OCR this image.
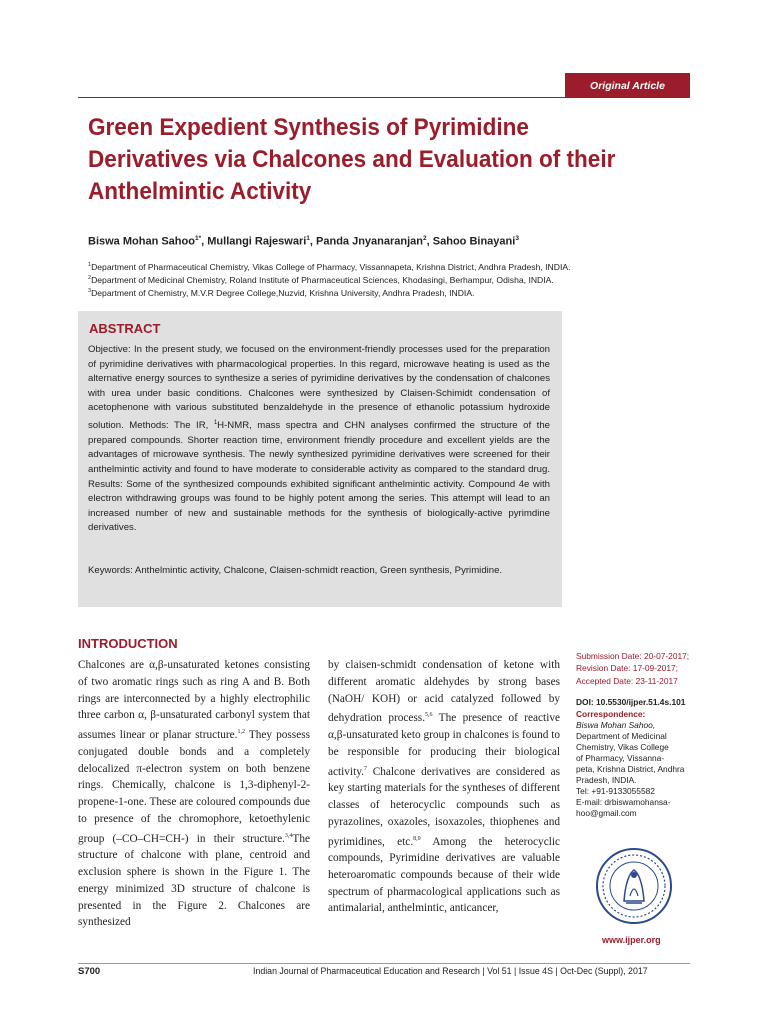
Original Article
Green Expedient Synthesis of Pyrimidine Derivatives via Chalcones and Evaluation of their Anthelmintic Activity
Biswa Mohan Sahoo$^{1*}$, Mullangi Rajeswari$^1$, Panda Jnyanaranjan$^2$, Sahoo Binayani$^3$
$^1$Department of Pharmaceutical Chemistry, Vikas College of Pharmacy, Vissannapeta, Krishna District, Andhra Pradesh, INDIA.
$^2$Department of Medicinal Chemistry, Roland Institute of Pharmaceutical Sciences, Khodasingi, Berhampur, Odisha, INDIA.
$^3$Department of Chemistry, M.V.R Degree College,Nuzvid, Krishna University, Andhra Pradesh, INDIA.
ABSTRACT
Objective: In the present study, we focused on the environment-friendly processes used for the preparation of pyrimidine derivatives with pharmacological properties. In this regard, microwave heating is used as the alternative energy sources to synthesize a series of pyrimidine derivatives by the condensation of chalcones with urea under basic conditions. Chalcones were synthesized by Claisen-Schimidt condensation of acetophenone with various substituted benzaldehyde in the presence of ethanolic potassium hydroxide solution. Methods: The IR, $^1$H-NMR, mass spectra and CHN analyses confirmed the structure of the prepared compounds. Shorter reaction time, environment friendly procedure and excellent yields are the advantages of microwave synthesis. The newly synthesized pyrimidine derivatives were screened for their anthelmintic activity and found to have moderate to considerable activity as compared to the standard drug. Results: Some of the synthesized compounds exhibited significant anthelmintic activity. Compound 4e with electron withdrawing groups was found to be highly potent among the series. This attempt will lead to an increased number of new and sustainable methods for the synthesis of biologically-active pyrimdine derivatives.
Keywords: Anthelmintic activity, Chalcone, Claisen-schmidt reaction, Green synthesis, Pyrimidine.
INTRODUCTION
Chalcones are α,β-unsaturated ketones consisting of two aromatic rings such as ring A and B. Both rings are interconnected by a highly electrophilic three carbon α, β-unsaturated carbonyl system that assumes linear or planar structure.$^{1,2}$ They possess conjugated double bonds and a completely delocalized π-electron system on both benzene rings. Chemically, chalcone is 1,3-diphenyl-2-propene-1-one. These are coloured compounds due to presence of the chromophore, ketoethylenic group (–CO–CH=CH-) in their structure.$^{3,4}$The structure of chalcone with plane, centroid and exclusion sphere is shown in the Figure 1. The energy minimized 3D structure of chalcone is presented in the Figure 2. Chalcones are synthesized
by claisen-schmidt condensation of ketone with different aromatic aldehydes by strong bases (NaOH/ KOH) or acid catalyzed followed by dehydration process.$^{5,6}$ The presence of reactive α,β-unsaturated keto group in chalcones is found to be responsible for producing their biological activity.$^7$ Chalcone derivatives are considered as key starting materials for the syntheses of different classes of heterocyclic compounds such as pyrazolines, oxazoles, isoxazoles, thiophenes and pyrimidines, etc.$^{8,9}$ Among the heterocyclic compounds, Pyrimidine derivatives are valuable heteroaromatic compounds because of their wide spectrum of pharmacological applications such as antimalarial, anthelmintic, anticancer,
Submission Date: 20-07-2017;
Revision Date: 17-09-2017;
Accepted Date: 23-11-2017
DOI: 10.5530/ijper.51.4s.101
Correspondence:
Biswa Mohan Sahoo,
Department of Medicinal
Chemistry, Vikas College
of Pharmacy, Vissanna-
peta, Krishna District, Andhra
Pradesh, INDIA.
Tel: +91-9133055582
E-mail: drbiswamohansa-
hoo@gmail.com
www.ijper.org
S700	Indian Journal of Pharmaceutical Education and Research | Vol 51 | Issue 4S | Oct-Dec (Suppl), 2017
